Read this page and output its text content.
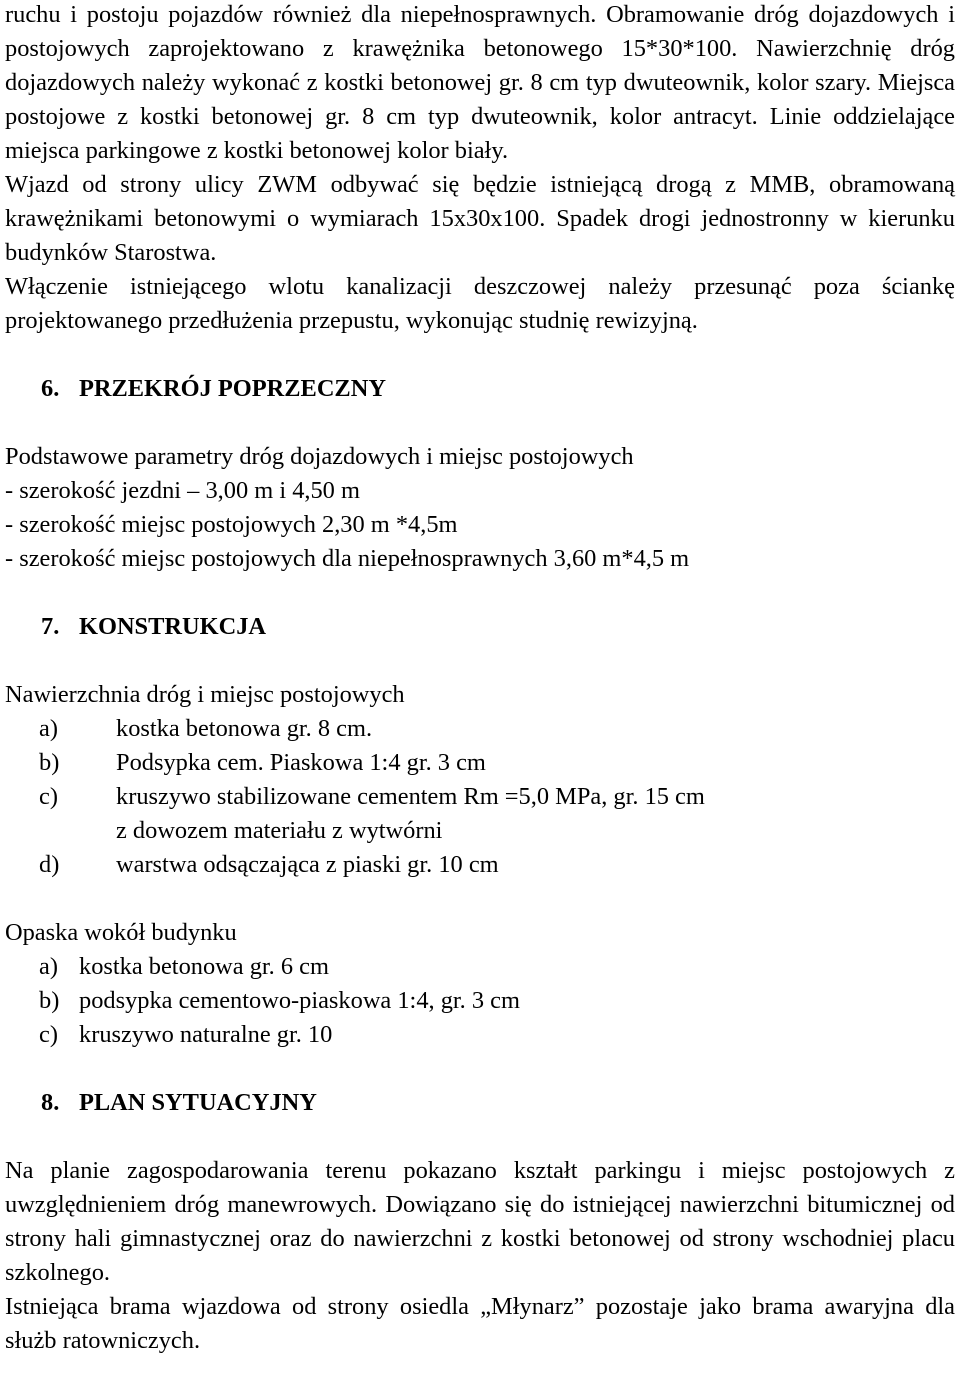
ruchu i postoju pojazdów również dla niepełnosprawnych. Obramowanie dróg dojazdowych i postojowych zaprojektowano z krawężnika betonowego 15*30*100. Nawierzchnię dróg dojazdowych należy wykonać z kostki betonowej gr. 8 cm typ dwuteownik, kolor szary. Miejsca postojowe z kostki betonowej gr. 8 cm typ dwuteownik, kolor antracyt. Linie oddzielające miejsca parkingowe z kostki betonowej kolor biały.

Wjazd od strony ulicy ZWM odbywać się będzie istniejącą drogą z MMB, obramowaną krawężnikami betonowymi o wymiarach 15x30x100. Spadek drogi jednostronny w kierunku budynków Starostwa.

Włączenie istniejącego wlotu kanalizacji deszczowej należy przesunąć poza ściankę projektowanego przedłużenia przepustu, wykonując studnię rewizyjną.

6. PRZEKRÓJ POPRZECZNY

Podstawowe parametry dróg dojazdowych i miejsc postojowych

- szerokość jezdni – 3,00 m i 4,50 m

- szerokość miejsc postojowych 2,30 m *4,5m

- szerokość miejsc postojowych dla niepełnosprawnych 3,60 m*4,5 m

7. KONSTRUKCJA

Nawierzchnia dróg i miejsc postojowych

a)	kostka betonowa gr. 8 cm.
b)	Podsypka cem. Piaskowa 1:4 gr. 3 cm
c)	kruszywo stabilizowane cementem Rm =5,0 MPa, gr. 15 cm
z dowozem materiału z wytwórni
d)	warstwa odsączająca z piaski gr. 10 cm

Opaska wokół budynku

a) kostka betonowa gr. 6 cm
b) podsypka cementowo-piaskowa 1:4, gr. 3 cm
c) kruszywo naturalne gr. 10

8. PLAN SYTUACYJNY

Na planie zagospodarowania terenu pokazano kształt parkingu i miejsc postojowych z uwzględnieniem dróg manewrowych. Dowiązano się do istniejącej nawierzchni bitumicznej od strony hali gimnastycznej oraz do nawierzchni z kostki betonowej od strony wschodniej placu szkolnego.

Istniejąca brama wjazdowa od strony osiedla „Młynarz” pozostaje jako brama awaryjna dla służb ratowniczych.
